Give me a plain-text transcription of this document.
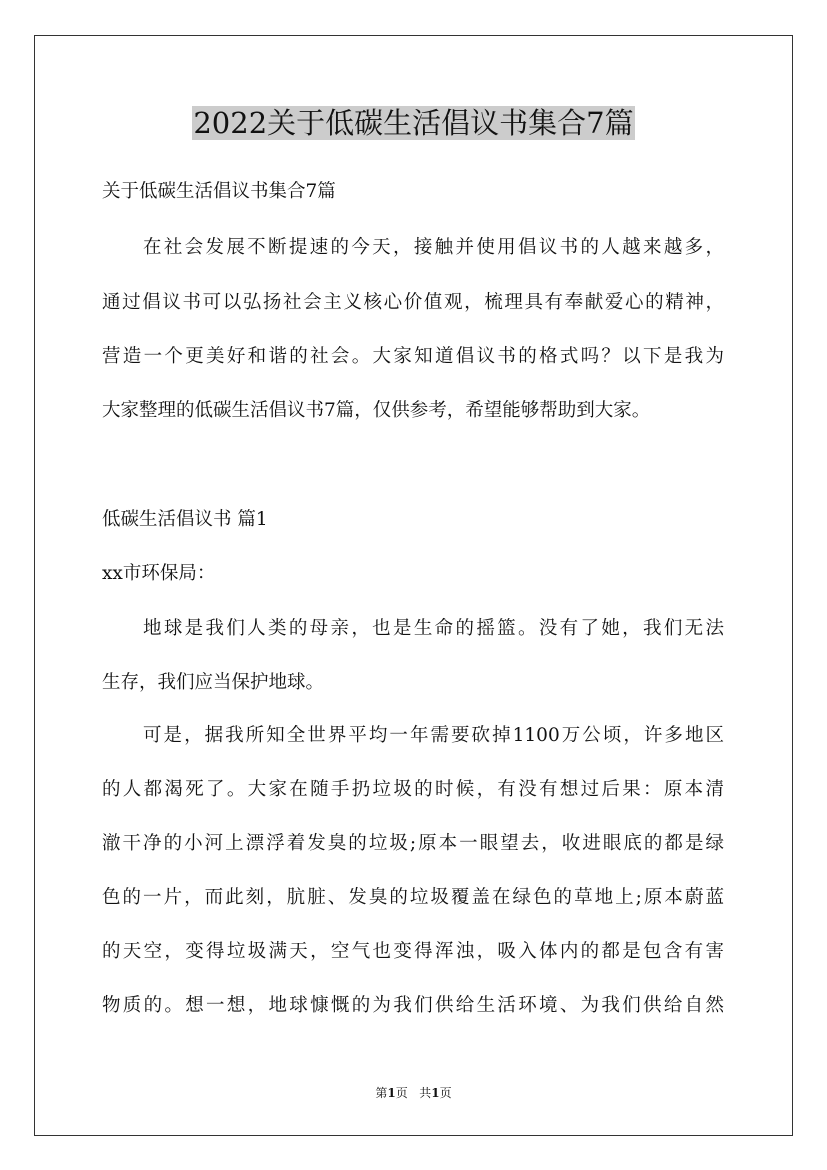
2022关于低碳生活倡议书集合7篇

关于低碳生活倡议书集合7篇

在社会发展不断提速的今天，接触并使用倡议书的人越来越多，

通过倡议书可以弘扬社会主义核心价值观，梳理具有奉献爱心的精神，

营造一个更美好和谐的社会。大家知道倡议书的格式吗？以下是我为

大家整理的低碳生活倡议书7篇，仅供参考，希望能够帮助到大家。

低碳生活倡议书 篇1

xx市环保局：

地球是我们人类的母亲，也是生命的摇篮。没有了她，我们无法

生存，我们应当保护地球。

可是，据我所知全世界平均一年需要砍掉1100万公顷，许多地区

的人都渴死了。大家在随手扔垃圾的时候，有没有想过后果：原本清

澈干净的小河上漂浮着发臭的垃圾;原本一眼望去，收进眼底的都是绿

色的一片，而此刻，肮脏、发臭的垃圾覆盖在绿色的草地上;原本蔚蓝

的天空，变得垃圾满天，空气也变得浑浊，吸入体内的都是包含有害

物质的。想一想，地球慷慨的为我们供给生活环境、为我们供给自然

第1页 共1页
